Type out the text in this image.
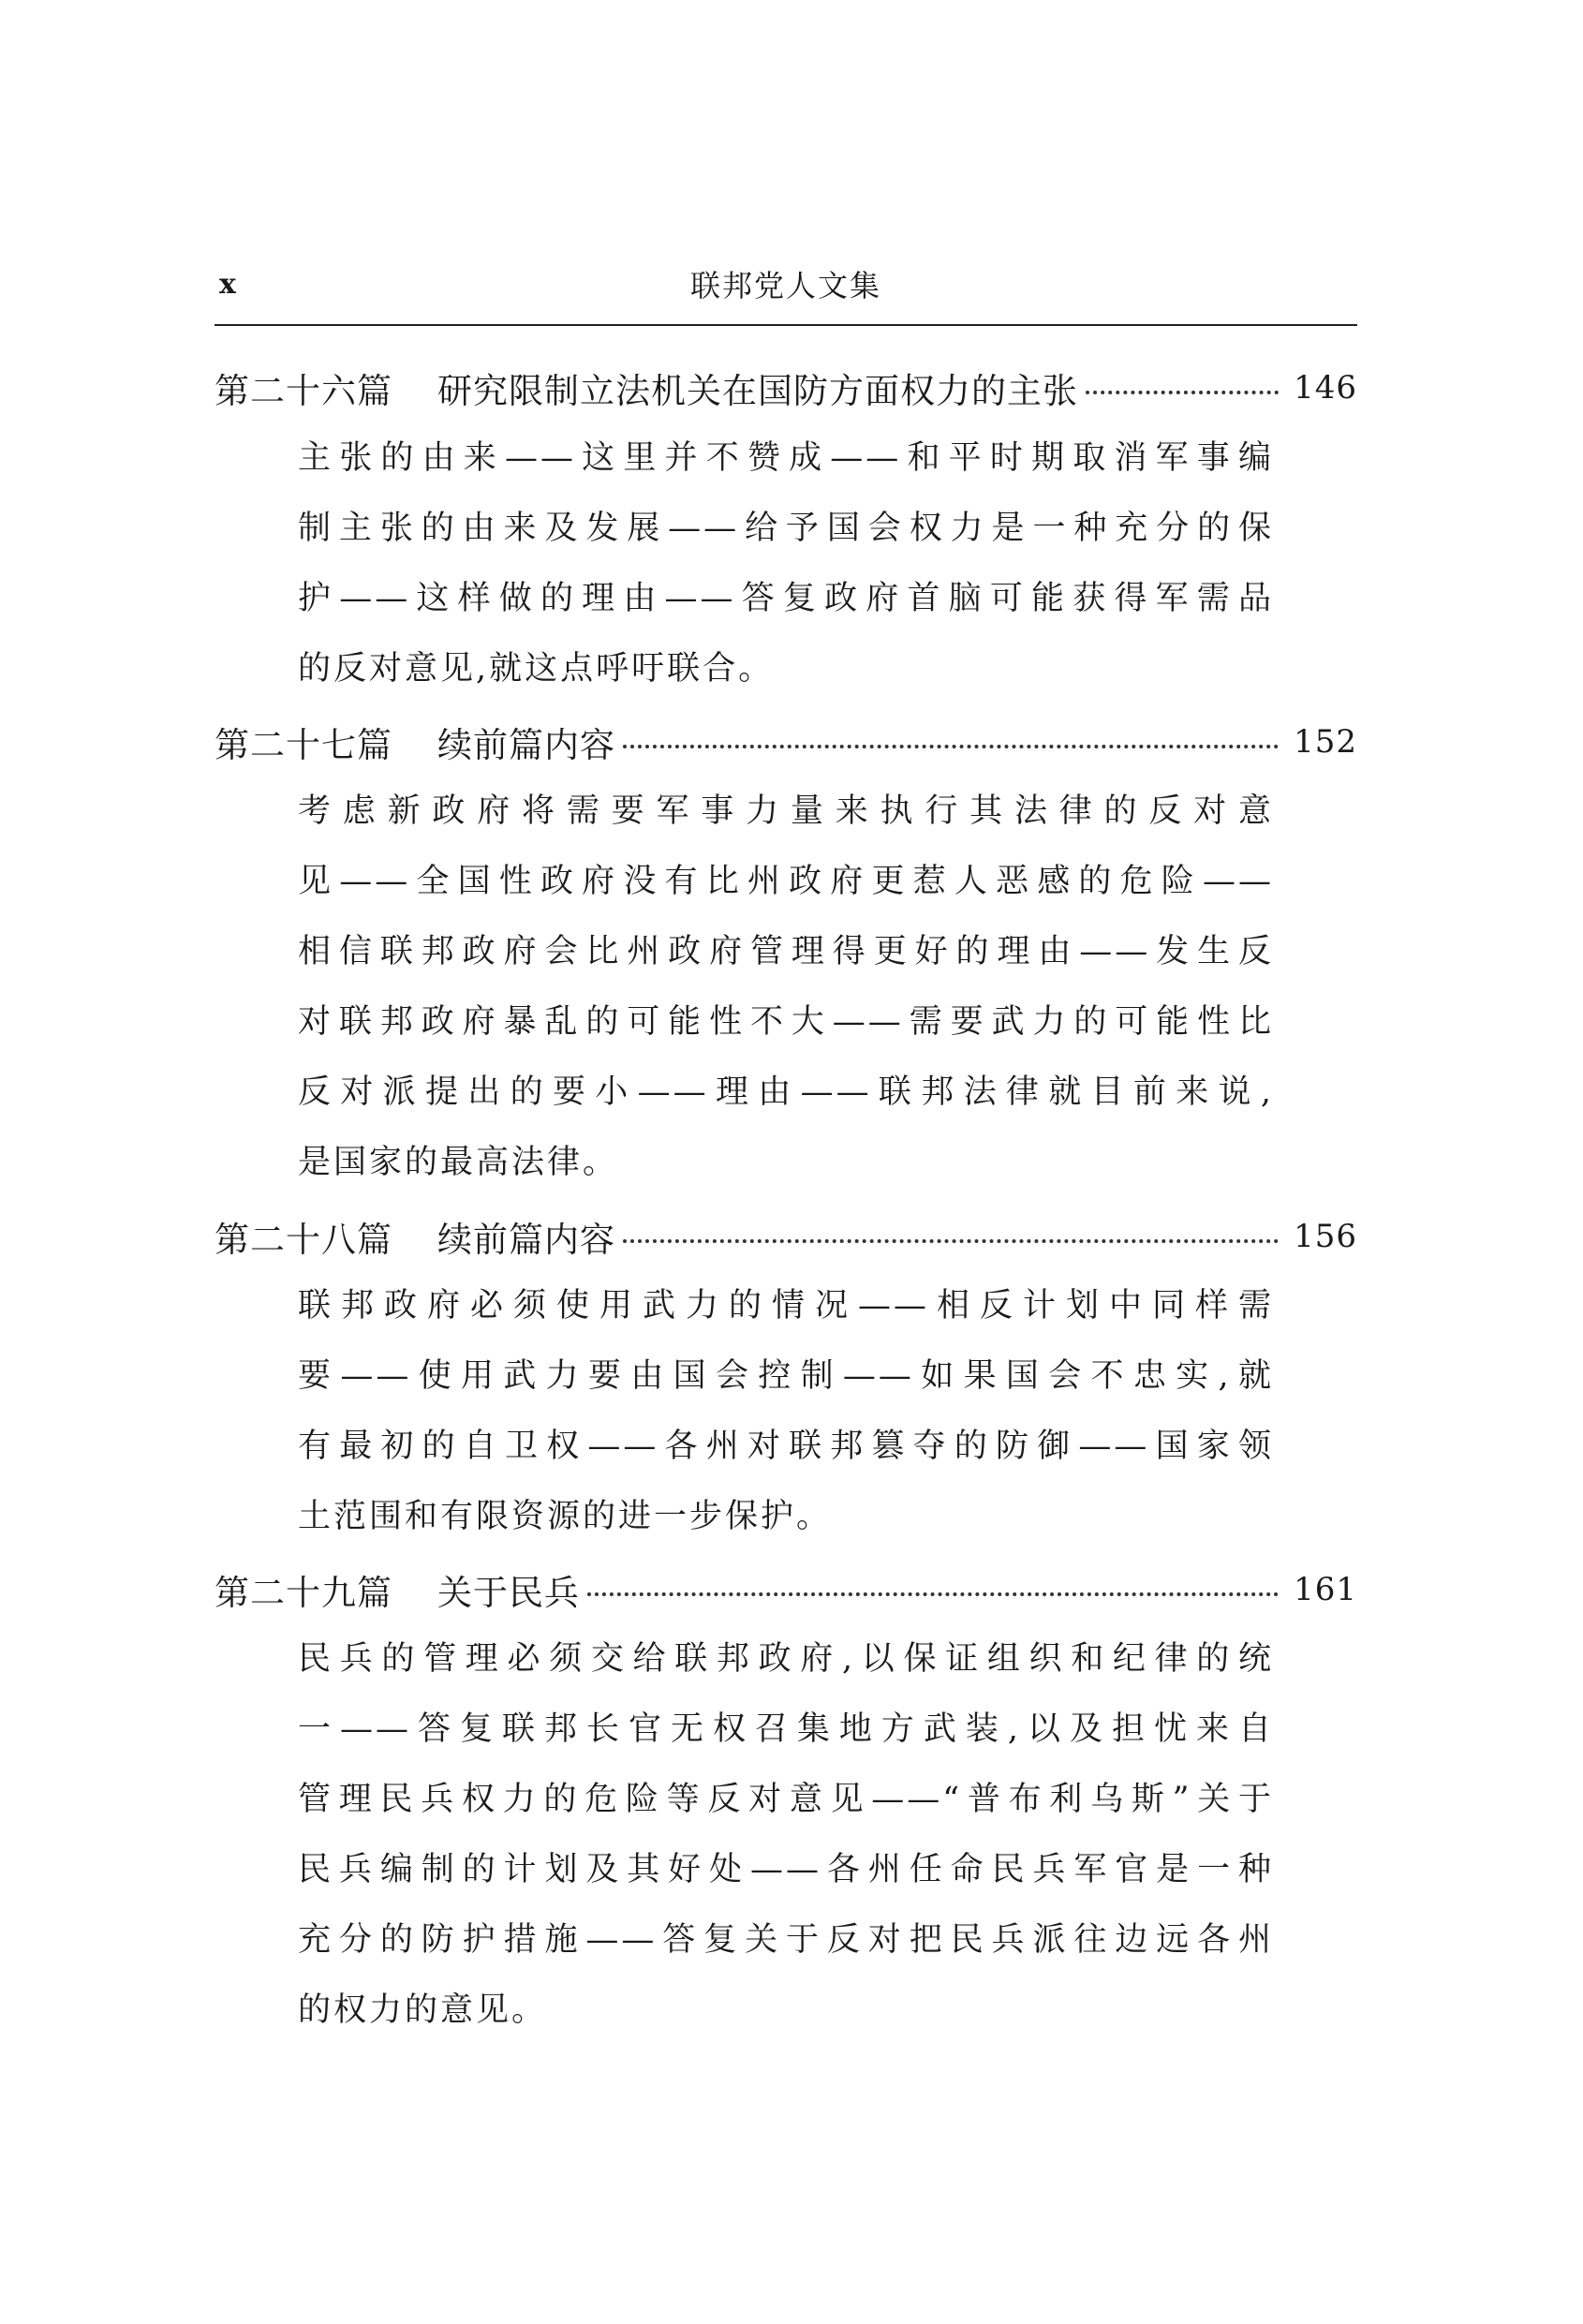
x	联邦党人文集
第二十六篇 研究限制立法机关在国防方面权力的主张	146
主张的由来——这里并不赞成——和平时期取消军事编
制主张的由来及发展——给予国会权力是一种充分的保
护——这样做的理由——答复政府首脑可能获得军需品
的反对意见,就这点呼吁联合。
第二十七篇 续前篇内容	152
考虑新政府将需要军事力量来执行其法律的反对意
见——全国性政府没有比州政府更惹人恶感的危险——
相信联邦政府会比州政府管理得更好的理由——发生反
对联邦政府暴乱的可能性不大——需要武力的可能性比
反对派提出的要小——理由——联邦法律就目前来说,
是国家的最高法律。
第二十八篇 续前篇内容	156
联邦政府必须使用武力的情况——相反计划中同样需
要——使用武力要由国会控制——如果国会不忠实,就
有最初的自卫权——各州对联邦篡夺的防御——国家领
土范围和有限资源的进一步保护。
第二十九篇 关于民兵	161
民兵的管理必须交给联邦政府,以保证组织和纪律的统
一——答复联邦长官无权召集地方武装,以及担忧来自
管理民兵权力的危险等反对意见——“普布利乌斯”关于
民兵编制的计划及其好处——各州任命民兵军官是一种
充分的防护措施——答复关于反对把民兵派往边远各州
的权力的意见。
